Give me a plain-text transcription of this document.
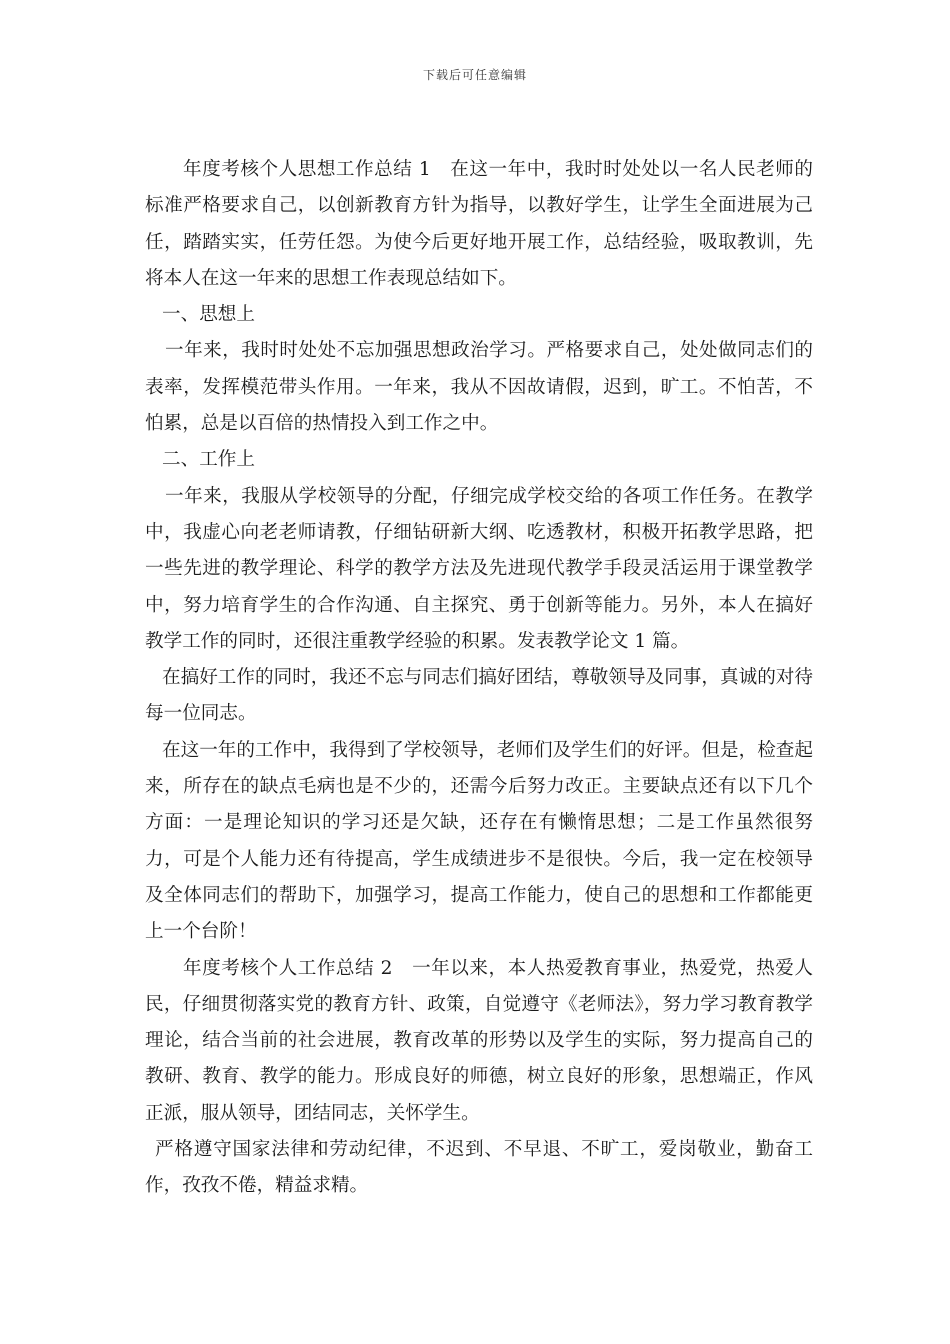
下载后可任意编辑

年度考核个人思想工作总结 1　在这一年中，我时时处处以一名人民老师的标准严格要求自己，以创新教育方针为指导，以教好学生，让学生全面进展为己任，踏踏实实，任劳任怨。为使今后更好地开展工作，总结经验，吸取教训，先将本人在这一年来的思想工作表现总结如下。

一、思想上

一年来，我时时处处不忘加强思想政治学习。严格要求自己，处处做同志们的表率，发挥模范带头作用。一年来，我从不因故请假，迟到，旷工。不怕苦，不怕累，总是以百倍的热情投入到工作之中。

二、工作上

一年来，我服从学校领导的分配，仔细完成学校交给的各项工作任务。在教学中，我虚心向老老师请教，仔细钻研新大纲、吃透教材，积极开拓教学思路，把一些先进的教学理论、科学的教学方法及先进现代教学手段灵活运用于课堂教学中，努力培育学生的合作沟通、自主探究、勇于创新等能力。另外，本人在搞好教学工作的同时，还很注重教学经验的积累。发表教学论文 1 篇。

在搞好工作的同时，我还不忘与同志们搞好团结，尊敬领导及同事，真诚的对待每一位同志。

在这一年的工作中，我得到了学校领导，老师们及学生们的好评。但是，检查起来，所存在的缺点毛病也是不少的，还需今后努力改正。主要缺点还有以下几个方面：一是理论知识的学习还是欠缺，还存在有懒惰思想；二是工作虽然很努力，可是个人能力还有待提高，学生成绩进步不是很快。今后，我一定在校领导及全体同志们的帮助下，加强学习，提高工作能力，使自己的思想和工作都能更上一个台阶！

年度考核个人工作总结 2　一年以来，本人热爱教育事业，热爱党，热爱人民，仔细贯彻落实党的教育方针、政策，自觉遵守《老师法》，努力学习教育教学理论，结合当前的社会进展，教育改革的形势以及学生的实际，努力提高自己的教研、教育、教学的能力。形成良好的师德，树立良好的形象，思想端正，作风正派，服从领导，团结同志，关怀学生。

严格遵守国家法律和劳动纪律，不迟到、不早退、不旷工，爱岗敬业，勤奋工作，孜孜不倦，精益求精。
